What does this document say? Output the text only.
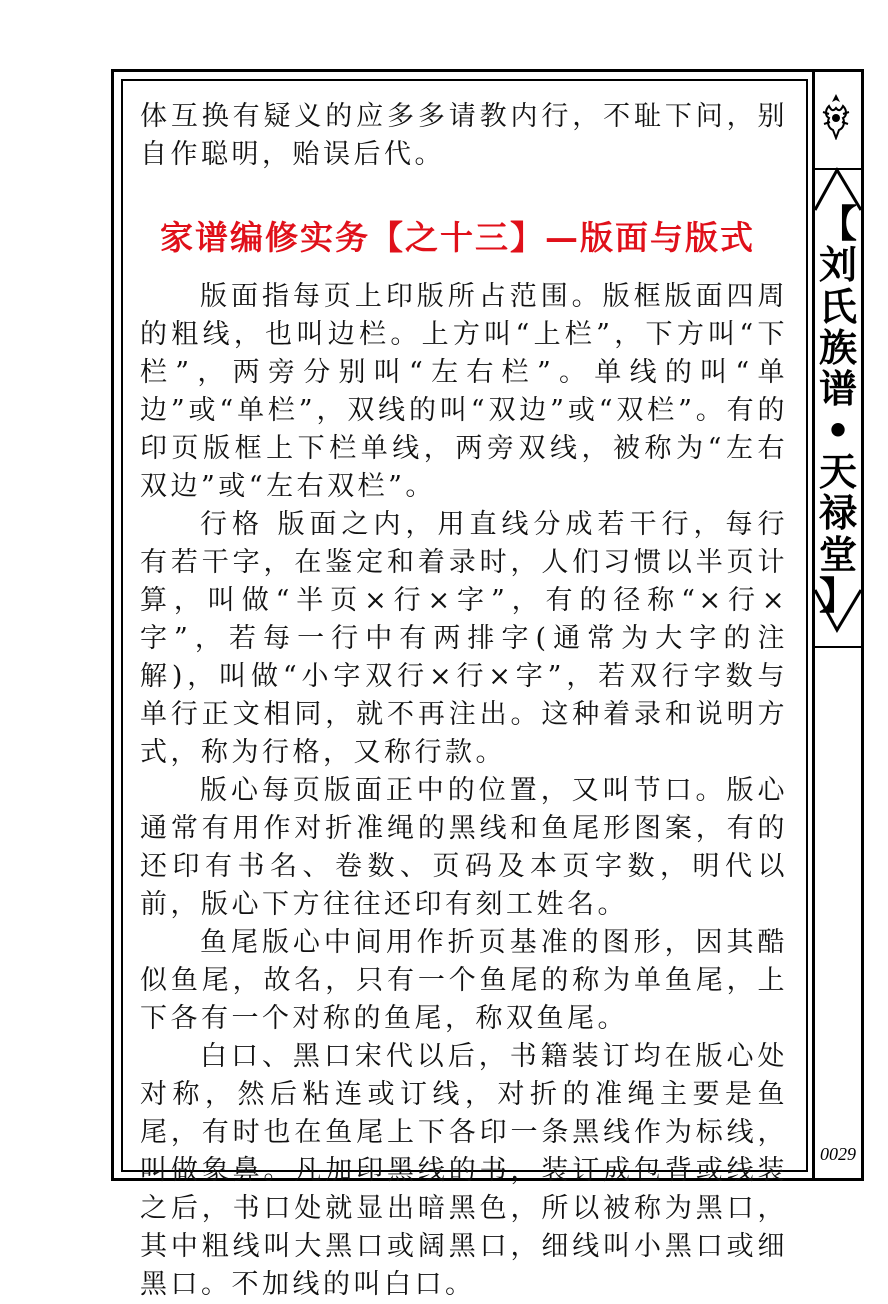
【
刘
氏
族
谱
•
天
禄
堂
】
0029

体互换有疑义的应多多请教内行，不耻下问，别自作聪明，贻误后代。

家谱编修实务【之十三】—版面与版式

版面指每页上印版所占范围。版框版面四周的粗线，也叫边栏。上方叫“上栏”，下方叫“下栏”，两旁分别叫“左右栏”。单线的叫“单边”或“单栏”，双线的叫“双边”或“双栏”。有的印页版框上下栏单线，两旁双线，被称为“左右双边”或“左右双栏”。

行格 版面之内，用直线分成若干行，每行有若干字，在鉴定和着录时，人们习惯以半页计算，叫做“半页×行×字”，有的径称“×行×字”，若每一行中有两排字(通常为大字的注解)，叫做“小字双行×行×字”，若双行字数与单行正文相同，就不再注出。这种着录和说明方式，称为行格，又称行款。

版心每页版面正中的位置，又叫节口。版心通常有用作对折准绳的黑线和鱼尾形图案，有的还印有书名、卷数、页码及本页字数，明代以前，版心下方往往还印有刻工姓名。

鱼尾版心中间用作折页基准的图形，因其酷似鱼尾，故名，只有一个鱼尾的称为单鱼尾，上下各有一个对称的鱼尾，称双鱼尾。

白口、黑口宋代以后，书籍装订均在版心处对称，然后粘连或订线，对折的准绳主要是鱼尾，有时也在鱼尾上下各印一条黑线作为标线，叫做象鼻。凡加印黑线的书，装订成包背或线装之后，书口处就显出暗黑色，所以被称为黑口，其中粗线叫大黑口或阔黑口，细线叫小黑口或细黑口。不加线的叫白口。
